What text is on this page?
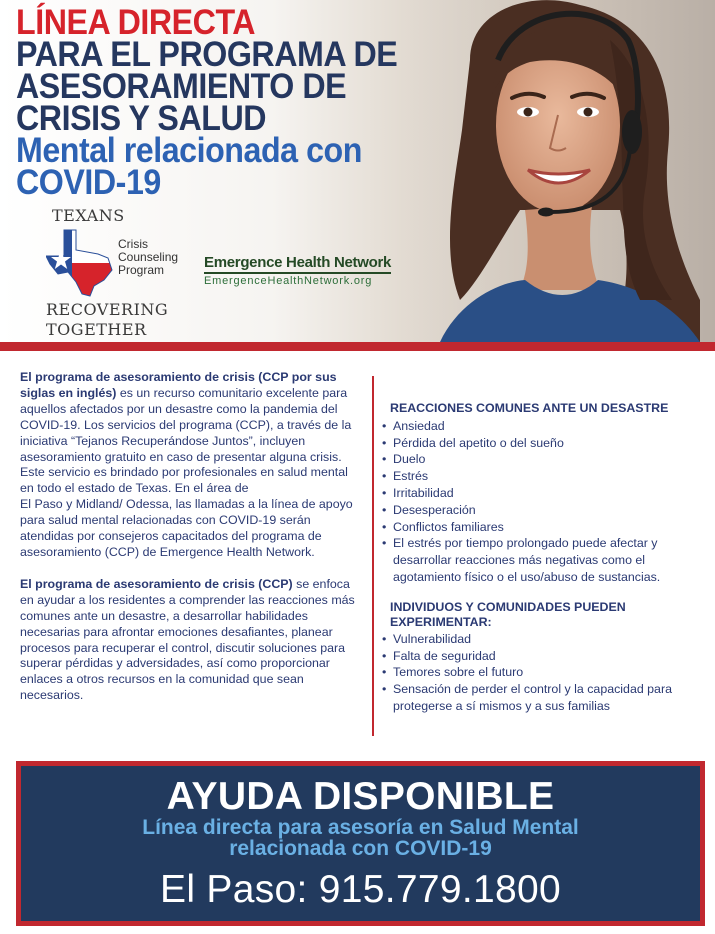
LÍNEA DIRECTA
PARA EL PROGRAMA DE
ASESORAMIENTO DE
CRISIS Y SALUD
Mental relacionada con
COVID-19
TEXANS
Crisis
Counseling
Program
RECOVERING
TOGETHER
Emergence Health Network
EmergenceHealthNetwork.org

El programa de asesoramiento de crisis (CCP por sus siglas en inglés) es un recurso comunitario excelente para aquellos afectados por un desastre como la pandemia del COVID-19. Los servicios del programa (CCP), a través de la iniciativa “Tejanos Recuperándose Juntos”, incluyen asesoramiento gratuito en caso de presentar alguna crisis. Este servicio es brindado por profesionales en salud mental en todo el estado de Texas. En el área de
El Paso y Midland/ Odessa, las llamadas a la línea de apoyo para salud mental relacionadas con COVID-19 serán atendidas por consejeros capacitados del programa de asesoramiento (CCP) de Emergence Health Network.

El programa de asesoramiento de crisis (CCP) se enfoca en ayudar a los residentes a comprender las reacciones más comunes ante un desastre, a desarrollar habilidades necesarias para afrontar emociones desafiantes, planear procesos para recuperar el control, discutir soluciones para superar pérdidas y adversidades, así como proporcionar enlaces a otros recursos en la comunidad que sean necesarios.

REACCIONES COMUNES ANTE UN DESASTRE
• Ansiedad
• Pérdida del apetito o del sueño
• Duelo
• Estrés
• Irritabilidad
• Desesperación
• Conflictos familiares
• El estrés por tiempo prolongado puede afectar y desarrollar reacciones más negativas como el agotamiento físico o el uso/abuso de sustancias.
INDIVIDUOS Y COMUNIDADES PUEDEN EXPERIMENTAR:
• Vulnerabilidad
• Falta de seguridad
• Temores sobre el futuro
• Sensación de perder el control y la capacidad para protegerse a sí mismos y a sus familias
AYUDA DISPONIBLE
Línea directa para asesoría en Salud Mental
relacionada con COVID-19
El Paso: 915.779.1800
